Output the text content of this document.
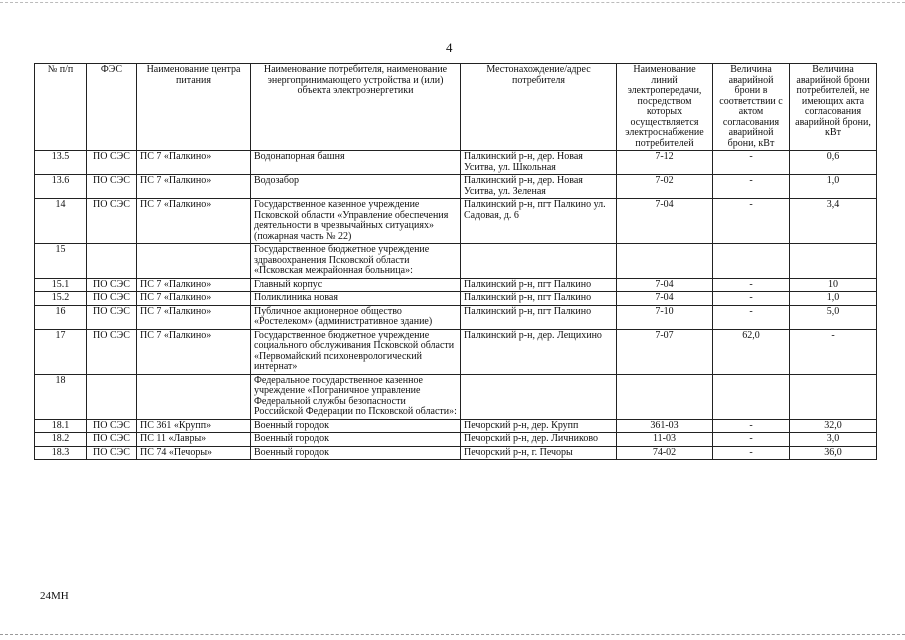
4
№ п/п	ФЭС	Наименование центра питания	Наименование потребителя, наименование энергопринимающего устройства и (или) объекта электроэнергетики	Местонахождение/адрес потребителя	Наименование линий электропередачи, посредством которых осуществляется электроснабжение потребителей	Величина аварийной брони в соответствии с актом согласования аварийной брони, кВт	Величина аварийной брони потребителей, не имеющих акта согласования аварийной брони, кВт
13.5	ПО СЭС	ПС 7 «Палкино»	Водонапорная башня	Палкинский р-н, дер. Новая Уситва, ул. Школьная	7-12	-	0,6
13.6	ПО СЭС	ПС 7 «Палкино»	Водозабор	Палкинский р-н, дер. Новая Уситва, ул. Зеленая	7-02	-	1,0
14	ПО СЭС	ПС 7 «Палкино»	Государственное казенное учреждение Псковской области «Управление обеспечения деятельности в чрезвычайных ситуациях» (пожарная часть № 22)	Палкинский р-н, пгт Палкино ул. Садовая, д. 6	7-04	-	3,4
15			Государственное бюджетное учреждение здравоохранения Псковской области «Псковская межрайонная больница»:				
15.1	ПО СЭС	ПС 7 «Палкино»	Главный корпус	Палкинский р-н, пгт Палкино	7-04	-	10
15.2	ПО СЭС	ПС 7 «Палкино»	Поликлиника новая	Палкинский р-н, пгт Палкино	7-04	-	1,0
16	ПО СЭС	ПС 7 «Палкино»	Публичное акционерное общество «Ростелеком» (административное здание)	Палкинский р-н, пгт Палкино	7-10	-	5,0
17	ПО СЭС	ПС 7 «Палкино»	Государственное бюджетное учреждение социального обслуживания Псковской области «Первомайский психоневрологический интернат»	Палкинский р-н, дер. Лещихино	7-07	62,0	-
18			Федеральное государственное казенное учреждение «Пограничное управление Федеральной службы безопасности Российской Федерации по Псковской области»:				
18.1	ПО СЭС	ПС 361 «Крупп»	Военный городок	Печорский р-н, дер. Крупп	361-03	-	32,0
18.2	ПО СЭС	ПС 11 «Лавры»	Военный городок	Печорский р-н, дер. Личниково	11-03	-	3,0
18.3	ПО СЭС	ПС 74 «Печоры»	Военный городок	Печорский р-н, г. Печоры	74-02	-	36,0
24МН
